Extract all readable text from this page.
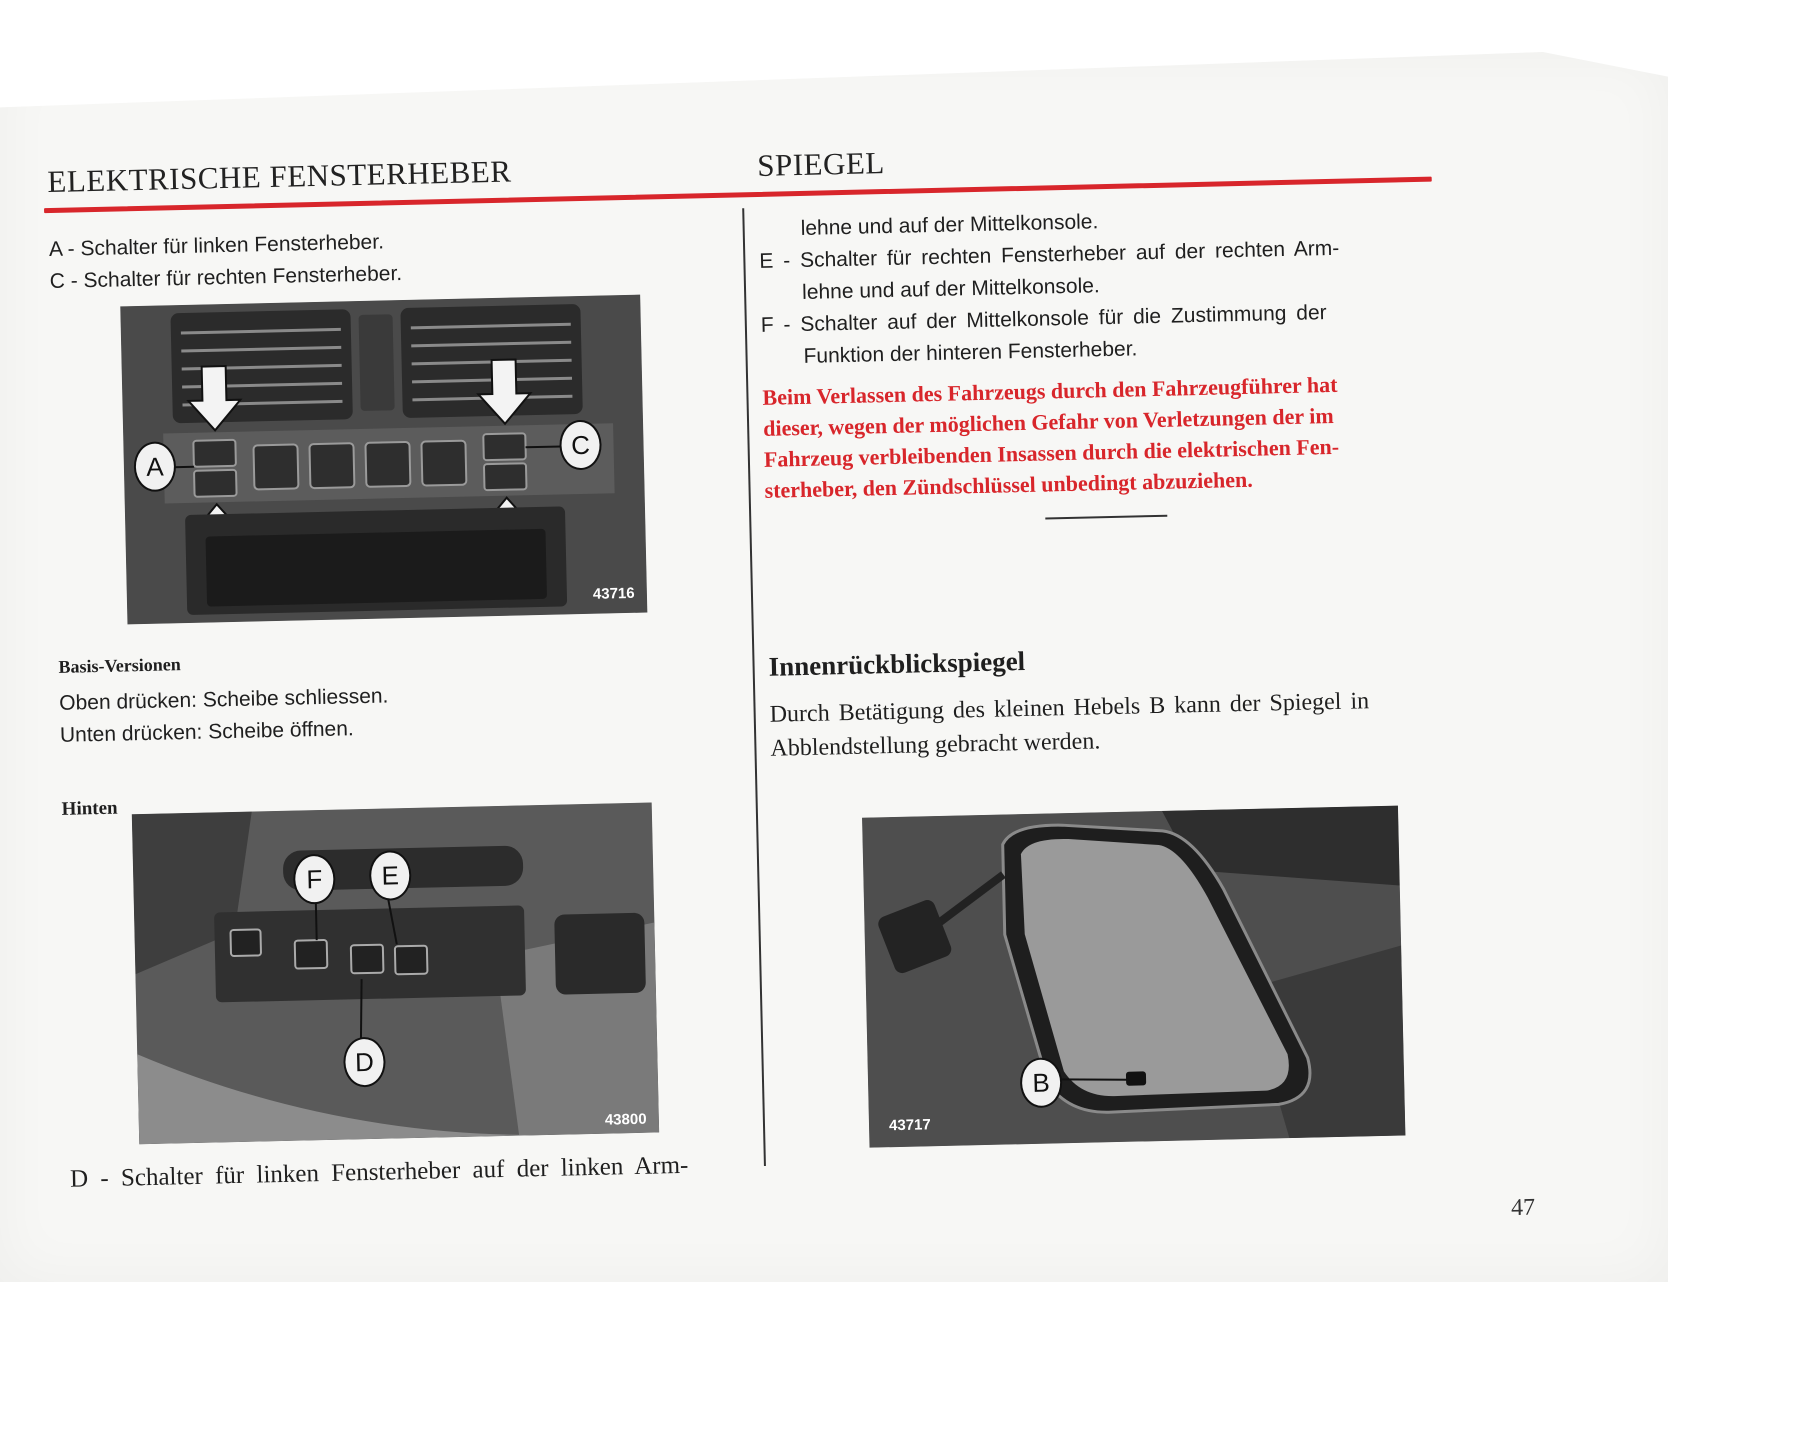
ELEKTRISCHE FENSTERHEBER	SPIEGEL
A - Schalter für linken Fensterheber.
C - Schalter für rechten Fensterheber.
A
C
43716
Basis-Versionen
Oben drücken: Scheibe schliessen.
Unten drücken: Scheibe öffnen.
Hinten
F	E
D
43800
D - Schalter für linken Fensterheber auf der linken Arm-
lehne und auf der Mittelkonsole.
E - Schalter für rechten Fensterheber auf der rechten Arm-
lehne und auf der Mittelkonsole.
F - Schalter auf der Mittelkonsole für die Zustimmung der
Funktion der hinteren Fensterheber.
Beim Verlassen des Fahrzeugs durch den Fahrzeugführer hat
dieser, wegen der möglichen Gefahr von Verletzungen der im
Fahrzeug verbleibenden Insassen durch die elektrischen Fen-
sterheber, den Zündschlüssel unbedingt abzuziehen.
Innenrückblickspiegel
Durch Betätigung des kleinen Hebels B kann der Spiegel in
Abblendstellung gebracht werden.
B
43717
47
